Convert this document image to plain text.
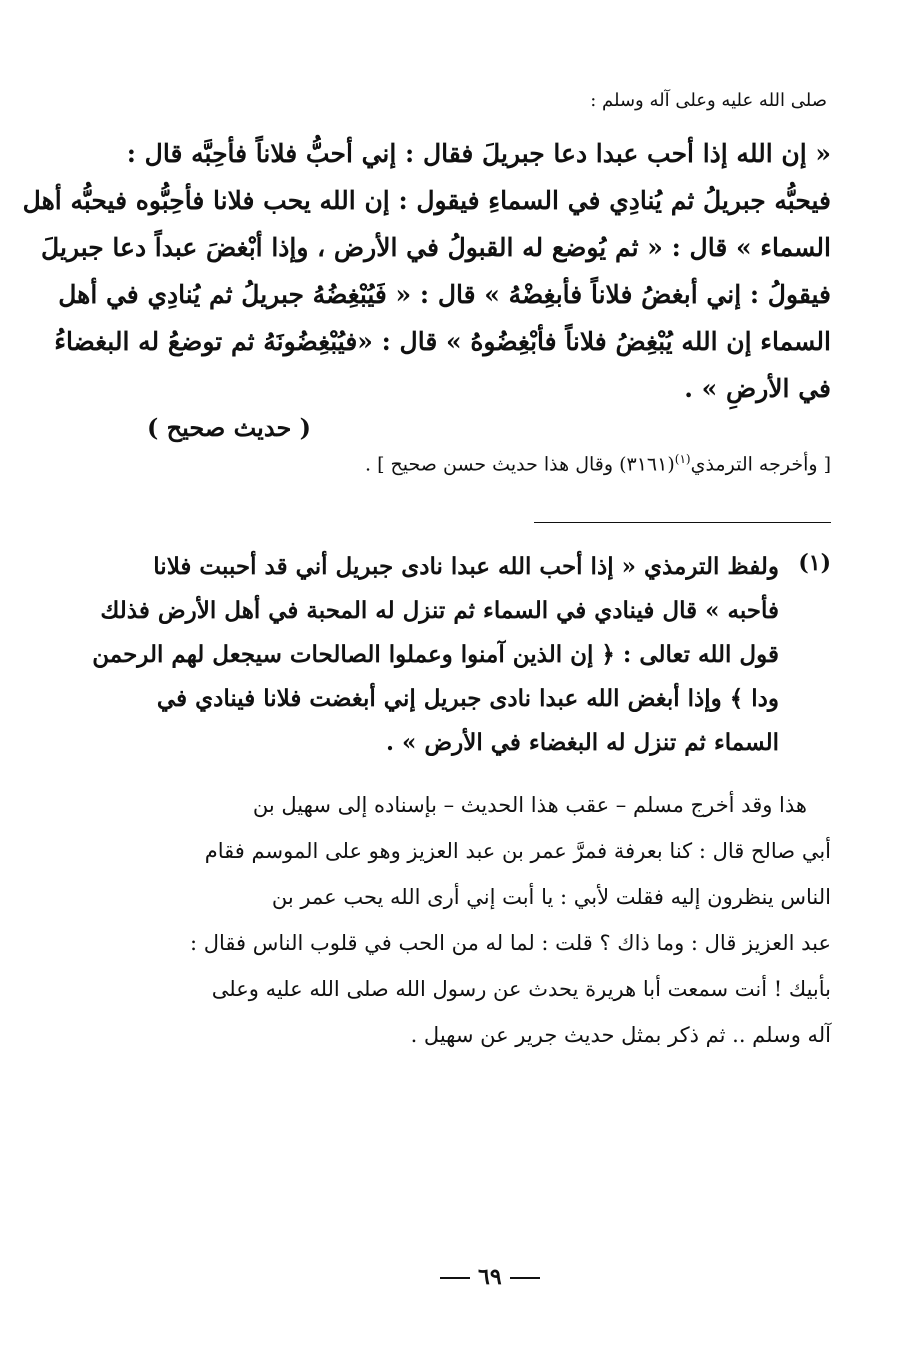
صلى الله عليه وعلى آله وسلم :
« إن الله إذا أحب عبدا دعا جبريلَ فقال : إني أحبُّ فلاناً فأحِبَّه قال :
فيحبُّه جبريلُ ثم يُنادِي في السماءِ فيقول : إن الله يحب فلانا فأحِبُّوه فيحبُّه أهل
السماء » قال : « ثم يُوضع له القبولُ في الأرض ، وإذا أبْغضَ عبداً دعا جبريلَ
فيقولُ : إني أبغضُ فلاناً فأبغِضْهُ » قال : « فَيُبْغِضُهُ جبريلُ ثم يُنادِي في أهل
السماء إن الله يُبْغِضُ فلاناً فأبْغِضُوهُ » قال : «فيُبْغِضُونَهُ ثم توضعُ له البغضاءُ
في الأرضِ » .
( حديث صحيح )
[ وأخرجه الترمذي$^{(١)}$(٣١٦١) وقال هذا حديث حسن صحيح ] .
(١)
ولفظ الترمذي « إذا أحب الله عبدا نادى جبريل أني قد أحببت فلانا
فأحبه » قال فينادي في السماء ثم تنزل له المحبة في أهل الأرض فذلك
قول الله تعالى : ﴿ إن الذين آمنوا وعملوا الصالحات سيجعل لهم الرحمن
ودا ﴾ وإذا أبغض الله عبدا نادى جبريل إني أبغضت فلانا فينادي في
السماء ثم تنزل له البغضاء في الأرض » .
هذا وقد أخرج مسلم – عقب هذا الحديث – بإسناده إلى سهيل بن
أبي صالح قال : كنا بعرفة فمرَّ عمر بن عبد العزيز وهو على الموسم فقام
الناس ينظرون إليه فقلت لأبي : يا أبت إني أرى الله يحب عمر بن
عبد العزيز قال : وما ذاك ؟ قلت : لما له من الحب في قلوب الناس فقال :
بأبيك ! أنت سمعت أبا هريرة يحدث عن رسول الله صلى الله عليه وعلى
آله وسلم .. ثم ذكر بمثل حديث جرير عن سهيل .
٦٩
